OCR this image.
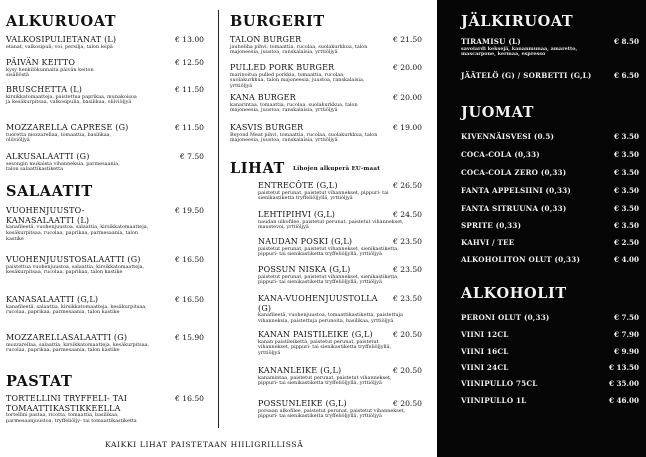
ALKURUOAT
VALKOSIPULIETANAT (L)	€ 13.00
etanat, valkosipuli, voi, persilja, talon leipä
PÄIVÄN KEITTO	€ 12.50
kysy henkilökunnalta päivän keiton sisällöstä
BRUSCHETTA (L)	€ 11.50
kirsikkatomaattejа, paistettua paprikaa, munakoisoa ja kesäkurpitsaa, valkosipulia, basilikaa, oliiviöljyä
MOZZARELLA CAPRESE (G)	€ 11.50
tuoretta mozzarellaa, tomaattia, basilikaa, oliiviöljyä
ALKUSALAATTI (G)	€ 7.50
sesongin mukaista vihanneksia, parmesaania, talon salaattikastiketta
SALAATIT
VUOHENJUUSTO-KANASALAATTI (L)
€ 19.50
kanafileetä, vuohenjuustoa, salaattia, kirsikkatomaatteja, kesäkurpitsaa, rucolaa, paprikaa, parmesaania, talon kastike
VUOHENJUUSTOSALAATTI (G)	€ 16.50
paistettua vuohenjuustoa, salaattia, kirsikkatomaatteja, kesäkurpitsaa, rucolaa, paprikaa, talon kastike
KANASALAATTI (G,L)	€ 16.50
kanafileetä, salaattia, kirsikkatomaatteja, kesäkurpitsaa, rucolaa, paprikaa, parmesaania, talon kastike
MOZZARELLASALAATTI (G)	€ 15.90
mozzarellaa, salaattia, kirsikkatomaatteja, kesäkurpitsaa, rucolaa, paprikaa, parmesaania, talon kastike
PASTAT
TORTELLINI TRYFFELI- TAI TOMAATTIKASTIKKEELLA
€ 16.50
tortellini pastaa, ricotta, tomaattia, basilikaa, parmesaanjuustoa, tryffeliöljy- tai tomaattikastiketta
BURGERIT
TALON BURGER	€ 21.50
jauhelihа pihvi, tomaattia, rucolaa, suolakurkkua, talon majoneesia, juustoa, ranskalaisia, yrttiöljyä
PULLED PORK BURGER	€ 20.00
marinoitua pulled porkkia, tomaattia, rucolaa, suolakurkkua, talon majoneesia, juustoa, ranskalaisia, yrttiöljyä
KANA BURGER	€ 20.00
kanarintaa, tomaattia, rucolaa, suolakurkkua, talon majoneesia, juustoa, ranskalaisia, yrttiöljyä
KASVIS BURGER	€ 19.00
Beyond Meat pihvi, tomaattia, rucolaa, suolakurkkua, talon majoneesia, juustoa, ranskalaisia, yrttiöljyä
LIHAT Lihojen alkuperä EU-maat
ENTRECÔTE (G,L)	€ 26.50
paistetut perunat, paistetut vihannekset, pippuri- tai sienikastiketta tryffeliöljyllä, yrttiöljyä
LEHTIPIHVI (G,L)	€ 24.50
naudan ulkofilee, paistetut perunat, paistetut vihannekset, maustevoi, yrttiöljyä
NAUDAN POSKI (G,L)	€ 23.50
paistetut perunat, paistetut vihannekset, sienikastiketta, pippuri- tai sienikastiketta tryffeliöljyllä, yrttiöljyä
POSSUN NISKA (G,L)	€ 23.50
paistetut perunat, paistetut vihannekset, sienikastiketta, pippuri- tai sienikastiketta tryffeliöljyllä, yrttiöljyä
KANA-VUOHENJUUSTOLLA (G)
€ 23.50
kanafileetä, vuohenjuustoa, tomaattikastiketta, paistettuja vihanneksia, paistettuja perunoita, basilikaa, yrttiöljyä
KANAN PAISTILEIKE (G,L)	€ 20.50
kanan paistileikettä, paistetut perunat, paistetut vihannekset, pippuri- tai sienikastiketta tryffeliöljyllä, yrttiöljyä
KANANLEIKE (G,L)	€ 20.50
kanamintaa, paistetut perunat, paistetut vihannekset, pippuri- tai sienikastiketta tryffeliöljyllä, yrttiöljyä
POSSUNLEIKE (G,L)	€ 20.50
porsaan ulkofilee, paistetut perunat, paistetut vihannekset, pippuri- tai sienikastiketta tryffeliöljyllä, yrttiöljyä
JÄLKIRUOAT
TIRAMISU (L)	€ 8.50
savoiardi keksejä, kananmunaa, amaretto, mascarpone, kermaa, espresso
JÄÄTELÖ (G) / SORBETTI (G,L)	€ 6.50
JUOMAT
KIVENNÄISVESI (0.5)	€ 3.50
COCA-COLA (0,33)	€ 3.50
COCA-COLA ZERO (0,33)	€ 3.50
FANTA APPELSIINI (0,33)	€ 3.50
FANTA SITRUUNA (0,33)	€ 3.50
SPRITE (0,33)	€ 3.50
KAHVI / TEE	€ 2.50
ALKOHOLITON OLUT (0,33)	€ 4.00
ALKOHOLIT
PERONI OLUT (0,33)	€ 7.50
VIINI 12CL	€ 7.90
VIINI 16CL	€ 9.90
VIINI 24CL	€ 13.50
VIINIPULLO 75CL	€ 35.00
VIINIPULLO 1L	€ 46.00
KAIKKI LIHAT PAISTETAAN HIILIGRILLISSÄ
